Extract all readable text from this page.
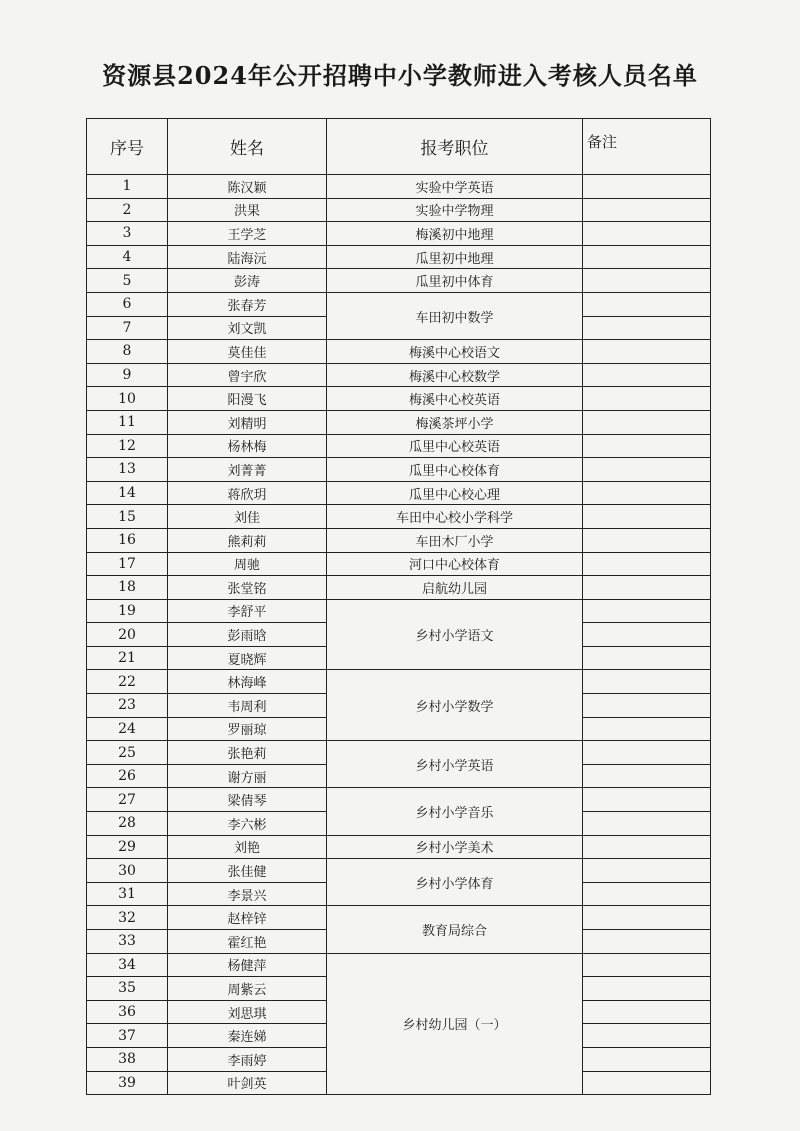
资源县2024年公开招聘中小学教师进入考核人员名单
序号	姓名	报考职位	备注
1	陈汉颖	实验中学英语	
2	洪果	实验中学物理	
3	王学芝	梅溪初中地理	
4	陆海沅	瓜里初中地理	
5	彭涛	瓜里初中体育	
6	张春芳	车田初中数学	
7	刘文凯		
8	莫佳佳	梅溪中心校语文	
9	曾宇欣	梅溪中心校数学	
10	阳漫飞	梅溪中心校英语	
11	刘精明	梅溪茶坪小学	
12	杨林梅	瓜里中心校英语	
13	刘菁菁	瓜里中心校体育	
14	蒋欣玥	瓜里中心校心理	
15	刘佳	车田中心校小学科学	
16	熊莉莉	车田木厂小学	
17	周驰	河口中心校体育	
18	张堂铭	启航幼儿园	
19	李舒平	乡村小学语文	
20	彭雨晗		
21	夏晓辉		
22	林海峰	乡村小学数学	
23	韦周利		
24	罗丽琼		
25	张艳莉	乡村小学英语	
26	谢方丽		
27	梁倩琴	乡村小学音乐	
28	李六彬		
29	刘艳	乡村小学美术	
30	张佳健	乡村小学体育	
31	李景兴		
32	赵梓锌	教育局综合	
33	霍红艳		
34	杨健萍	乡村幼儿园（一）	
35	周紫云		
36	刘思琪		
37	秦连娣		
38	李雨婷		
39	叶剑英		
